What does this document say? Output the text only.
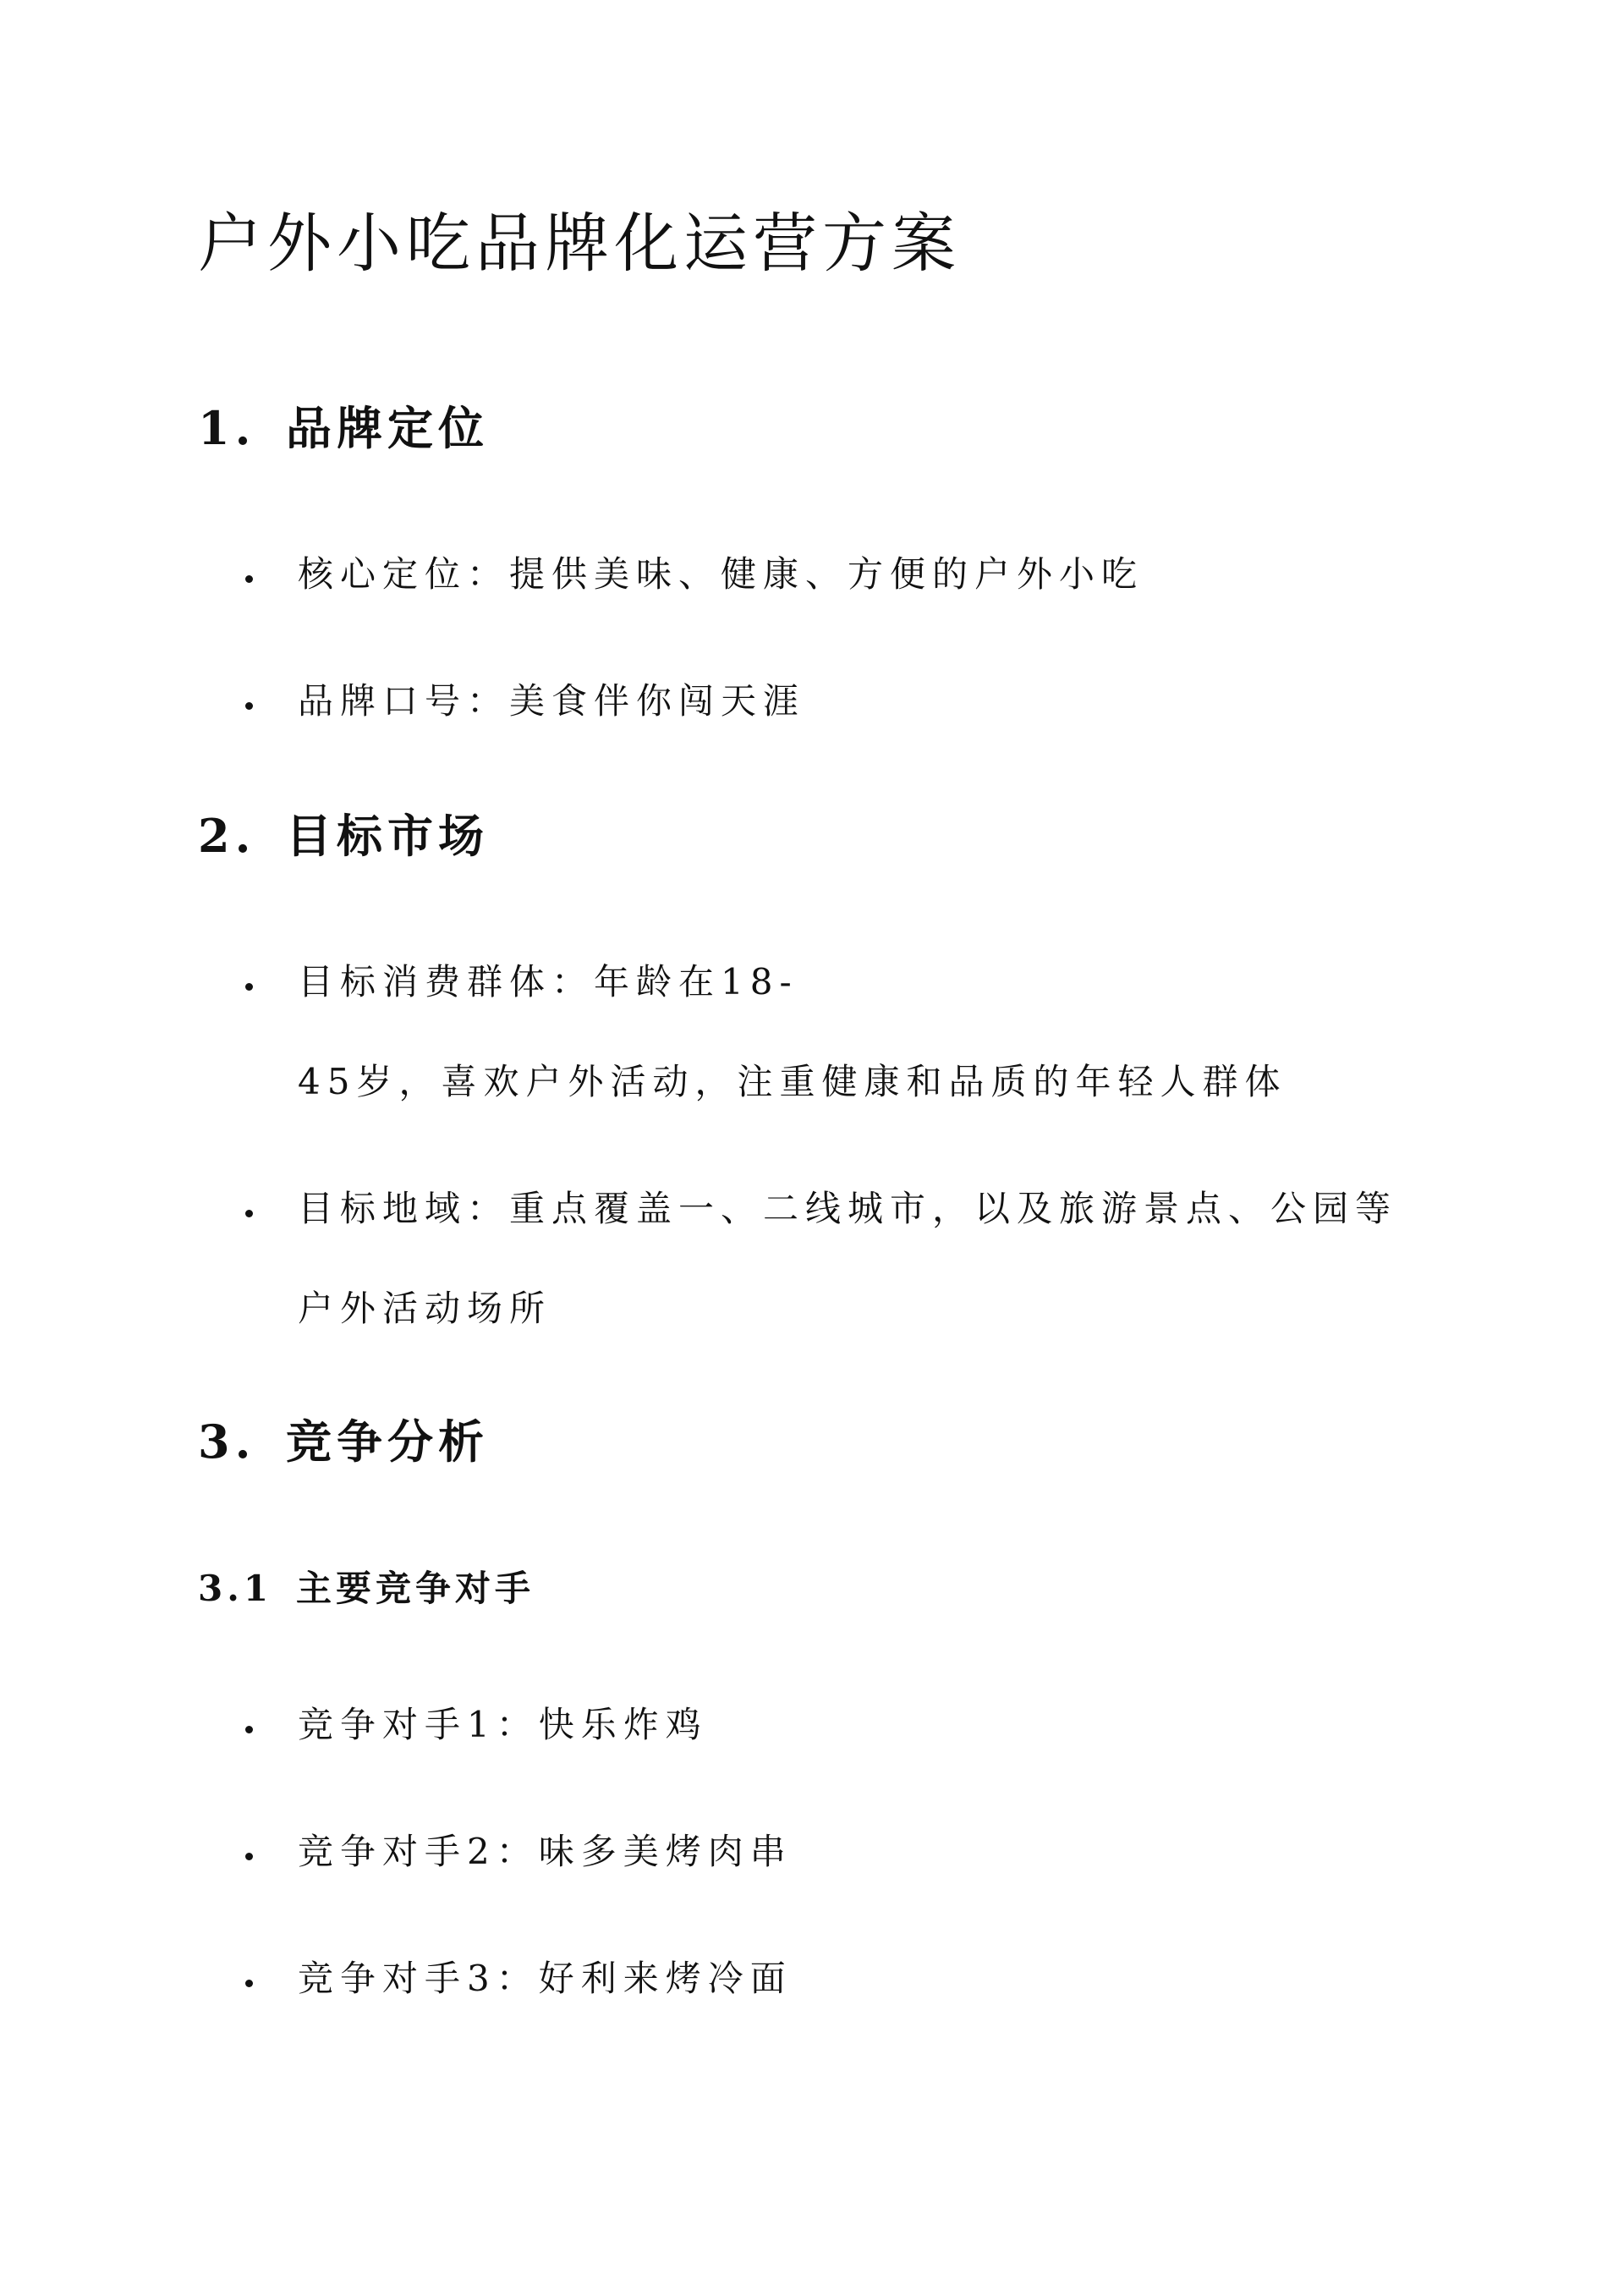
户外小吃品牌化运营方案
1. 品牌定位
核心定位：提供美味、健康、方便的户外小吃
品牌口号：美食伴你闯天涯
2. 目标市场
目标消费群体：年龄在18-
45岁，喜欢户外活动，注重健康和品质的年轻人群体
目标地域：重点覆盖一、二线城市，以及旅游景点、公园等
户外活动场所
3. 竞争分析
3.1 主要竞争对手
竞争对手1：快乐炸鸡
竞争对手2：味多美烤肉串
竞争对手3：好利来烤冷面
